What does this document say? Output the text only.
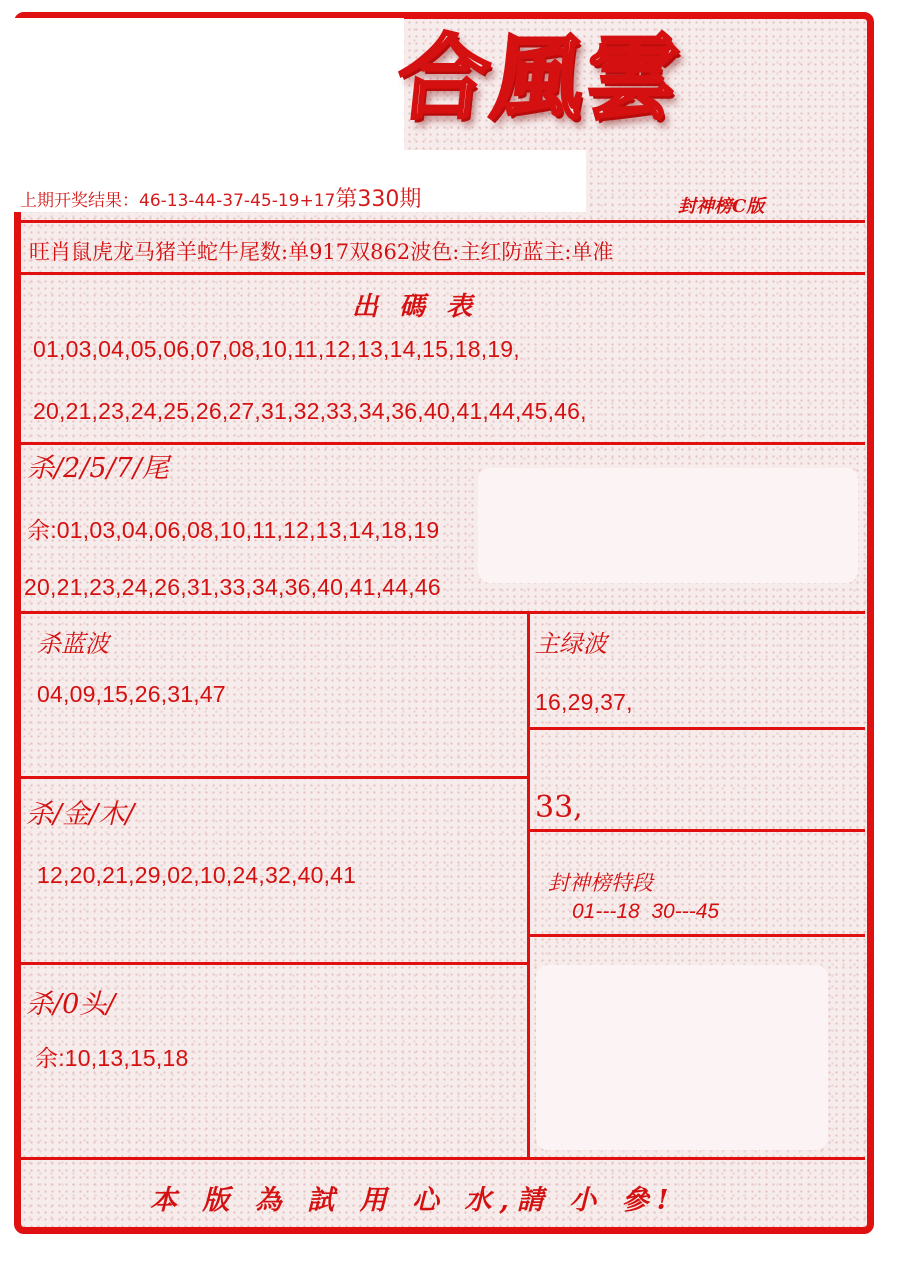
合風雲
上期开奖结果：46-13-44-37-45-19+17第330期	封神榜C版
旺肖鼠虎龙马猪羊蛇牛尾数:单917双862波色:主红防蓝主:单准
出 碼 表
01,03,04,05,06,07,08,10,11,12,13,14,15,18,19,
20,21,23,24,25,26,27,31,32,33,34,36,40,41,44,45,46,
杀/2/5/7/尾
余:01,03,04,06,08,10,11,12,13,14,18,19
20,21,23,24,26,31,33,34,36,40,41,44,46
杀蓝波
04,09,15,26,31,47
主绿波
16,29,37,
33,
杀/金/木/
12,20,21,29,02,10,24,32,40,41	封神榜特段
01---18  30---45
杀/0头/
余:10,13,15,18
本 版 為 試 用 心 水,請 小 參!
